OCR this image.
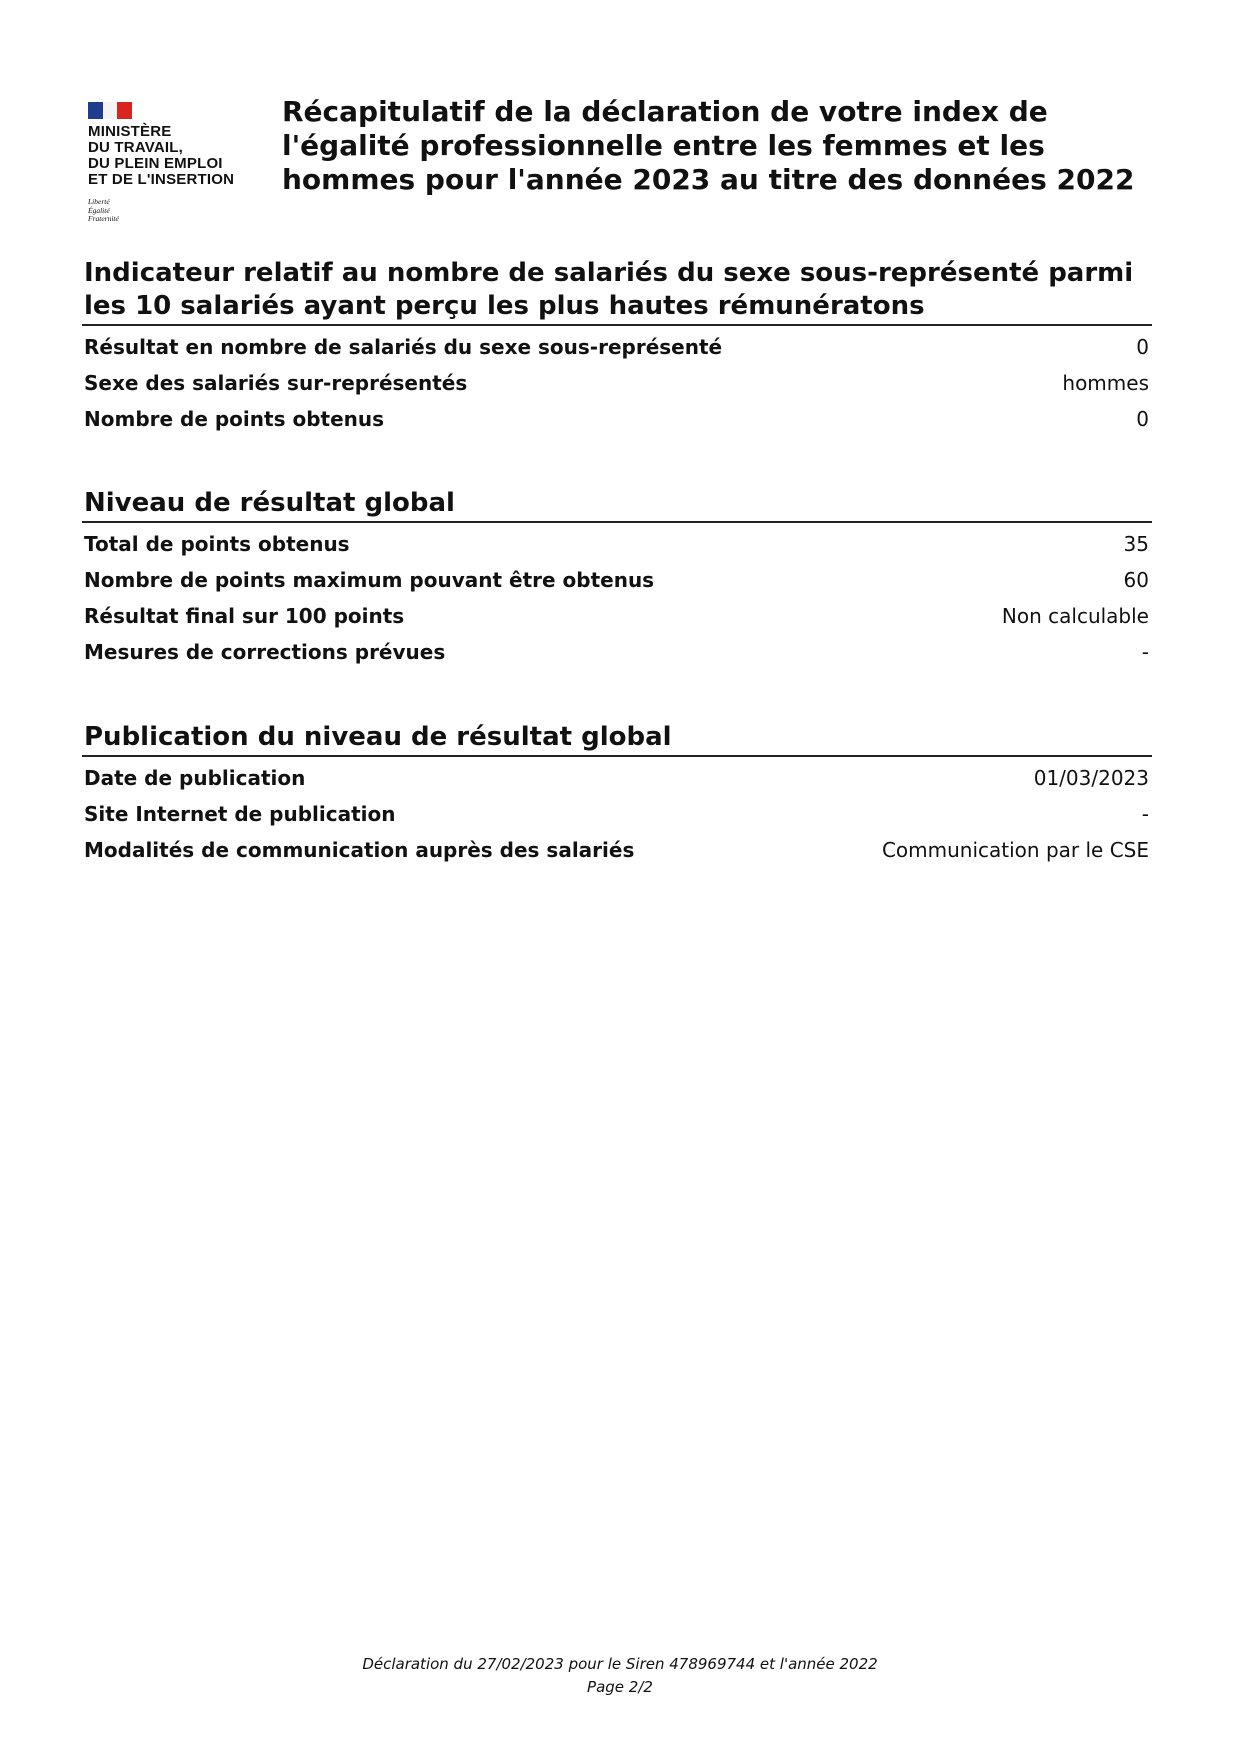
MINISTÈRE
DU TRAVAIL,
DU PLEIN EMPLOI
ET DE L'INSERTION
Liberté
Égalité
Fraternité
Récapitulatif de la déclaration de votre index de l'égalité professionnelle entre les femmes et les hommes pour l'année 2023 au titre des données 2022
Indicateur relatif au nombre de salariés du sexe sous-représenté parmi les 10 salariés ayant perçu les plus hautes rémunératons
Résultat en nombre de salariés du sexe sous-représenté	0
Sexe des salariés sur-représentés	hommes
Nombre de points obtenus	0
Niveau de résultat global
Total de points obtenus	35
Nombre de points maximum pouvant être obtenus	60
Résultat final sur 100 points	Non calculable
Mesures de corrections prévues	-
Publication du niveau de résultat global
Date de publication	01/03/2023
Site Internet de publication	-
Modalités de communication auprès des salariés	Communication par le CSE
Déclaration du 27/02/2023 pour le Siren 478969744 et l'année 2022
Page 2/2
